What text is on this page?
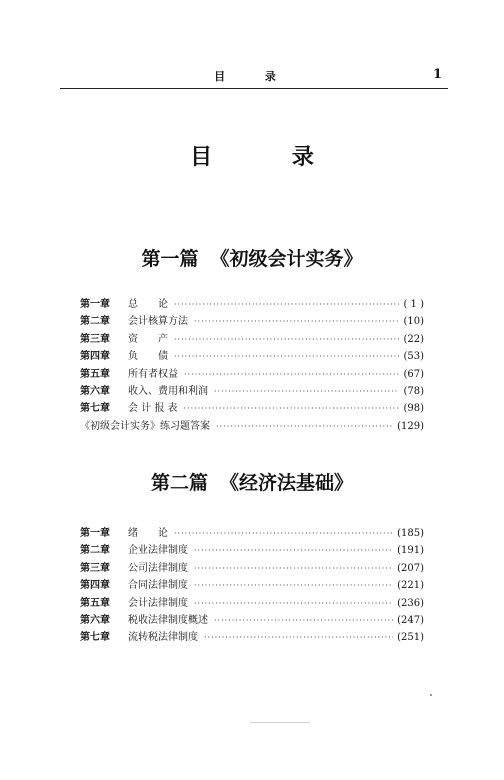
目 录	1
目 录
第一篇 《初级会计实务》
第一章	总　　论 ·····	( 1 )
第二章	会计核算方法 ·····	(10)
第三章	资　　产 ·····	(22)
第四章	负　　债 ·····	(53)
第五章	所有者权益 ·····	(67)
第六章	收入、费用和利润 ·····	(78)
第七章	会 计 报 表 ·····	(98)
《初级会计实务》练习题答案 ·····	(129)
第二篇 《经济法基础》
第一章	绪　　论 ·····	(185)
第二章	企业法律制度 ·····	(191)
第三章	公司法律制度 ·····	(207)
第四章	合同法律制度 ·····	(221)
第五章	会计法律制度 ·····	(236)
第六章	税收法律制度概述 ·····	(247)
第七章	流转税法律制度 ·····	(251)
